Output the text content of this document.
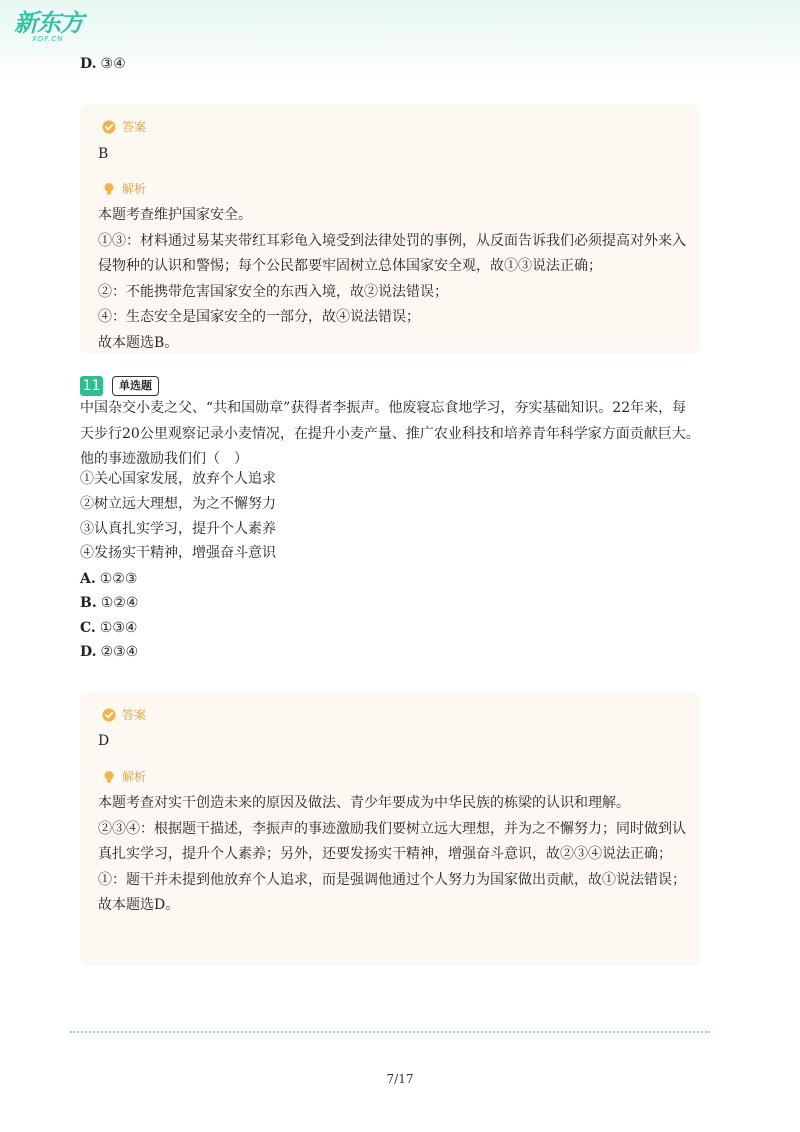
新东方
XDF.CN
D. ③④
答案
B
解析
本题考查维护国家安全。
①③：材料通过易某夹带红耳彩龟入境受到法律处罚的事例，从反面告诉我们必须提高对外来入侵物种的认识和警惕；每个公民都要牢固树立总体国家安全观，故①③说法正确；
②：不能携带危害国家安全的东西入境，故②说法错误；
④：生态安全是国家安全的一部分，故④说法错误；
故本题选B。
11	单选题
中国杂交小麦之父、“共和国勋章”获得者李振声。他废寝忘食地学习，夯实基础知识。22年来，每天步行20公里观察记录小麦情况，在提升小麦产量、推广农业科技和培养青年科学家方面贡献巨大。他的事迹激励我们们（　）
①关心国家发展，放弃个人追求
②树立远大理想，为之不懈努力
③认真扎实学习，提升个人素养
④发扬实干精神，增强奋斗意识
A. ①②③
B. ①②④
C. ①③④
D. ②③④
答案
D
解析
本题考查对实干创造未来的原因及做法、青少年要成为中华民族的栋梁的认识和理解。
②③④：根据题干描述，李振声的事迹激励我们要树立远大理想，并为之不懈努力；同时做到认真扎实学习，提升个人素养；另外，还要发扬实干精神，增强奋斗意识，故②③④说法正确；
①：题干并未提到他放弃个人追求，而是强调他通过个人努力为国家做出贡献，故①说法错误；
故本题选D。
7/17
